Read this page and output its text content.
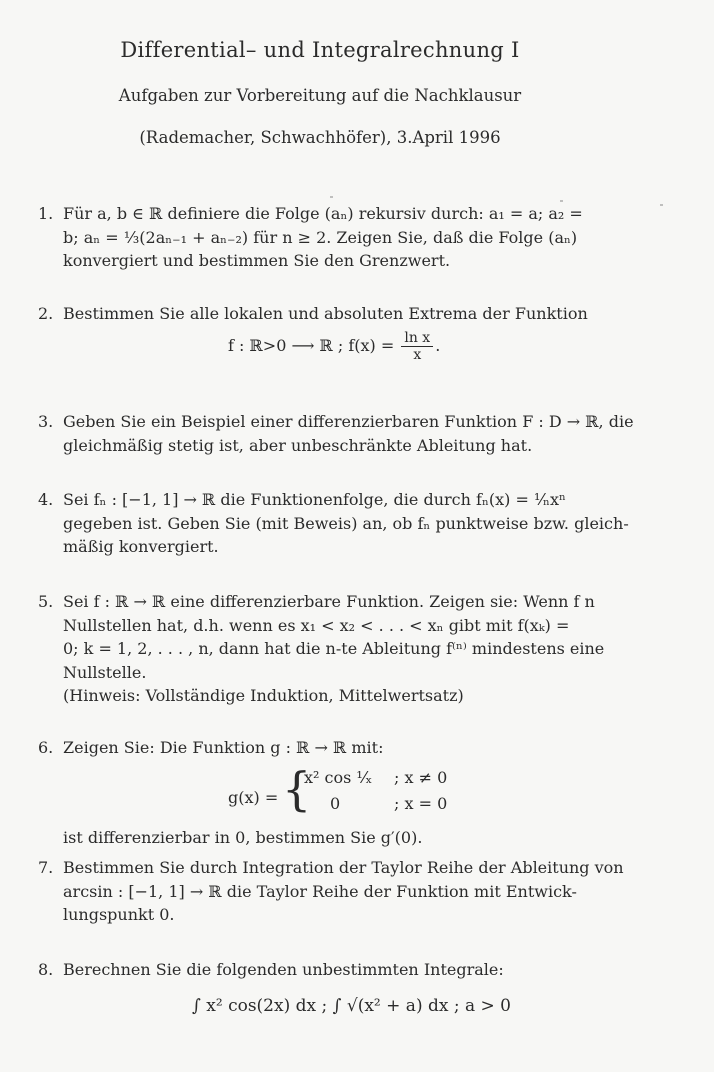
Differential– und Integralrechnung I
Aufgaben zur Vorbereitung auf die Nachklausur
(Rademacher, Schwachhöfer), 3.April 1996
1. Für a, b ∈ ℝ definiere die Folge (aₙ) rekursiv durch: a₁ = a; a₂ =
b; aₙ = ⅓(2aₙ₋₁ + aₙ₋₂) für n ≥ 2. Zeigen Sie, daß die Folge (aₙ)
konvergiert und bestimmen Sie den Grenzwert.
2. Bestimmen Sie alle lokalen und absoluten Extrema der Funktion
f : ℝ>0 ⟶ ℝ ; $f(x) = \frac{\text{ln x}}{x}$ .
3. Geben Sie ein Beispiel einer differenzierbaren Funktion F : D → ℝ, die
gleichmäßig stetig ist, aber unbeschränkte Ableitung hat.
4. Sei fₙ : [−1, 1] → ℝ die Funktionenfolge, die durch fₙ(x) = ¹⁄ₙxⁿ
gegeben ist. Geben Sie (mit Beweis) an, ob fₙ punktweise bzw. gleich-
mäßig konvergiert.
5. Sei f : ℝ → ℝ eine differenzierbare Funktion. Zeigen sie: Wenn f n
Nullstellen hat, d.h. wenn es x₁ < x₂ < . . . < xₙ gibt mit f(xₖ) =
0; k = 1, 2, . . . , n, dann hat die n-te Ableitung f⁽ⁿ⁾ mindestens eine
Nullstelle.
(Hinweis: Vollständige Induktion, Mittelwertsatz)
6. Zeigen Sie: Die Funktion g : ℝ → ℝ mit:
g(x) = {
x² cos ¹⁄ₓ ; x ≠ 0
0	; x = 0
ist differenzierbar in 0, bestimmen Sie g′(0).
7. Bestimmen Sie durch Integration der Taylor Reihe der Ableitung von
arcsin : [−1, 1] → ℝ die Taylor Reihe der Funktion mit Entwick-
lungspunkt 0.
8. Berechnen Sie die folgenden unbestimmten Integrale:
∫ x² cos(2x) dx ; ∫ √(x² + a) dx ; a > 0
